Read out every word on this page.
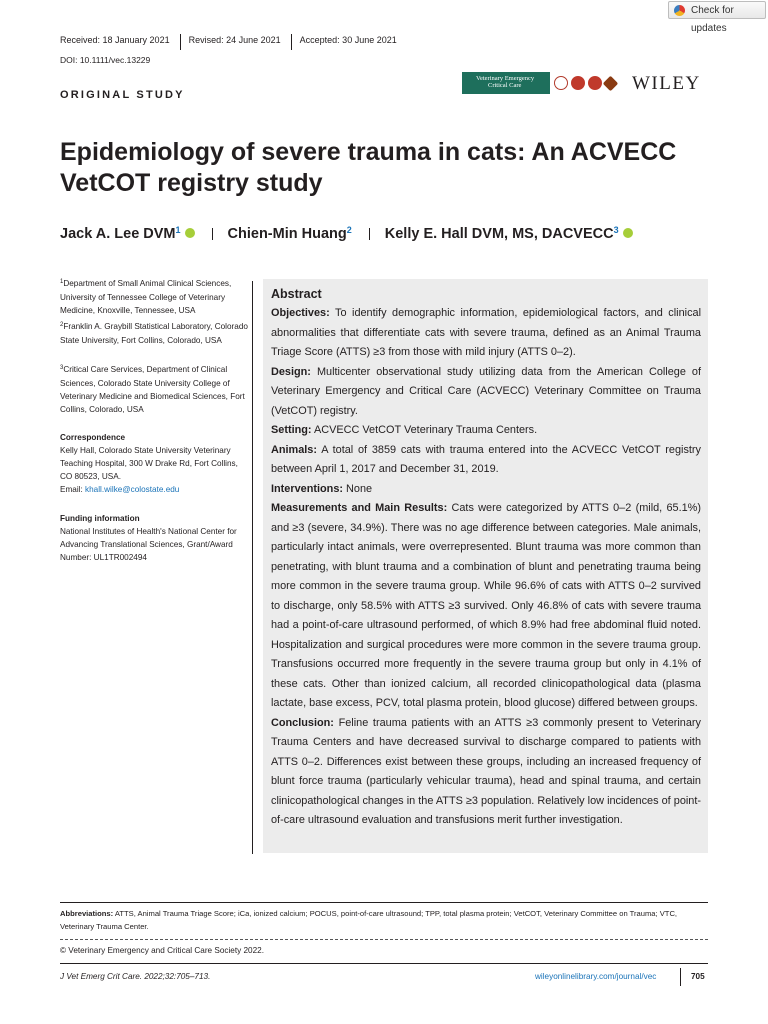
Check for updates
Received: 18 January 2021	Revised: 24 June 2021	Accepted: 30 June 2021
DOI: 10.1111/vec.13229
ORIGINAL STUDY
Veterinary Emergency
Critical Care	WILEY
Epidemiology of severe trauma in cats: An ACVECC VetCOT registry study
Jack A. Lee DVM$^1$	Chien-Min Huang$^2$ Kelly E. Hall DVM, MS, DACVECC$^3$
$^1$Department of Small Animal Clinical Sciences, University of Tennessee College of Veterinary Medicine, Knoxville, Tennessee, USA
$^2$Franklin A. Graybill Statistical Laboratory, Colorado State University, Fort Collins, Colorado, USA
$^3$Critical Care Services, Department of Clinical Sciences, Colorado State University College of Veterinary Medicine and Biomedical Sciences, Fort Collins, Colorado, USA
Correspondence
Kelly Hall, Colorado State University Veterinary Teaching Hospital, 300 W Drake Rd, Fort Collins, CO 80523, USA.
Email: khall.wilke@colostate.edu
Funding information
National Institutes of Health's National Center for Advancing Translational Sciences, Grant/Award Number: UL1TR002494
Abstract

Objectives: To identify demographic information, epidemiological factors, and clinical abnormalities that differentiate cats with severe trauma, defined as an Animal Trauma Triage Score (ATTS) ≥3 from those with mild injury (ATTS 0–2).

Design: Multicenter observational study utilizing data from the American College of Veterinary Emergency and Critical Care (ACVECC) Veterinary Committee on Trauma (VetCOT) registry.

Setting: ACVECC VetCOT Veterinary Trauma Centers.

Animals: A total of 3859 cats with trauma entered into the ACVECC VetCOT registry between April 1, 2017 and December 31, 2019.

Interventions: None

Measurements and Main Results: Cats were categorized by ATTS 0–2 (mild, 65.1%) and ≥3 (severe, 34.9%). There was no age difference between categories. Male animals, particularly intact animals, were overrepresented. Blunt trauma was more common than penetrating, with blunt trauma and a combination of blunt and penetrating trauma being more common in the severe trauma group. While 96.6% of cats with ATTS 0–2 survived to discharge, only 58.5% with ATTS ≥3 survived. Only 46.8% of cats with severe trauma had a point-of-care ultrasound performed, of which 8.9% had free abdominal fluid noted. Hospitalization and surgical procedures were more common in the severe trauma group. Transfusions occurred more frequently in the severe trauma group but only in 4.1% of these cats. Other than ionized calcium, all recorded clinicopathological data (plasma lactate, base excess, PCV, total plasma protein, blood glucose) differed between groups.

Conclusion: Feline trauma patients with an ATTS ≥3 commonly present to Veterinary Trauma Centers and have decreased survival to discharge compared to patients with ATTS 0–2. Differences exist between these groups, including an increased frequency of blunt force trauma (particularly vehicular trauma), head and spinal trauma, and certain clinicopathological changes in the ATTS ≥3 population. Relatively low incidences of point-of-care ultrasound evaluation and transfusions merit further investigation.

Abbreviations: ATTS, Animal Trauma Triage Score; iCa, ionized calcium; POCUS, point-of-care ultrasound; TPP, total plasma protein; VetCOT, Veterinary Committee on Trauma; VTC, Veterinary Trauma Center.
© Veterinary Emergency and Critical Care Society 2022.
J Vet Emerg Crit Care. 2022;32:705–713.	wileyonlinelibrary.com/journal/vec	705
